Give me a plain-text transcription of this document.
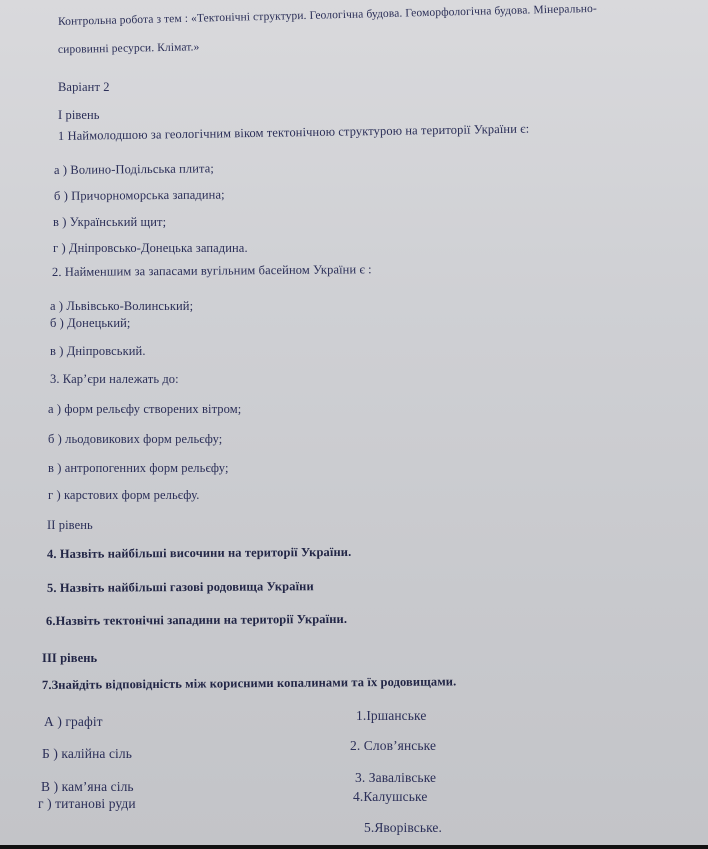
Контрольна робота з тем : «Тектонічні структури. Геологічна будова. Геоморфологічна будова. Мінерально-
сировинні ресурси. Клімат.»
Варіант 2
І рівень
1 Наймолодшою за геологічним віком тектонічною структурою на території України є:
а ) Волино-Подільська плита;
б ) Причорноморська западина;
в ) Український щит;
г ) Дніпровсько-Донецька западина.
2. Найменшим за запасами вугільним басейном України є :
а ) Львівсько-Волинський;
б ) Донецький;
в ) Дніпровський.
3. Кар’єри належать до:
а ) форм рельєфу створених вітром;
б ) льодовикових форм рельєфу;
в ) антропогенних форм рельєфу;
г ) карстових форм рельєфу.
ІІ рівень
4. Назвіть найбільші височини на території України.
5. Назвіть найбільші газові родовища України
6.Назвіть тектонічні западини на території України.
ІІІ рівень
7.Знайдіть відповідність між корисними копалинами та їх родовищами.
А ) графіт
Б ) калійна сіль
В ) кам’яна сіль
г ) титанові руди
1.Іршанське
2. Слов’янське
3. Завалівське
4.Калушське
5.Яворівське.
